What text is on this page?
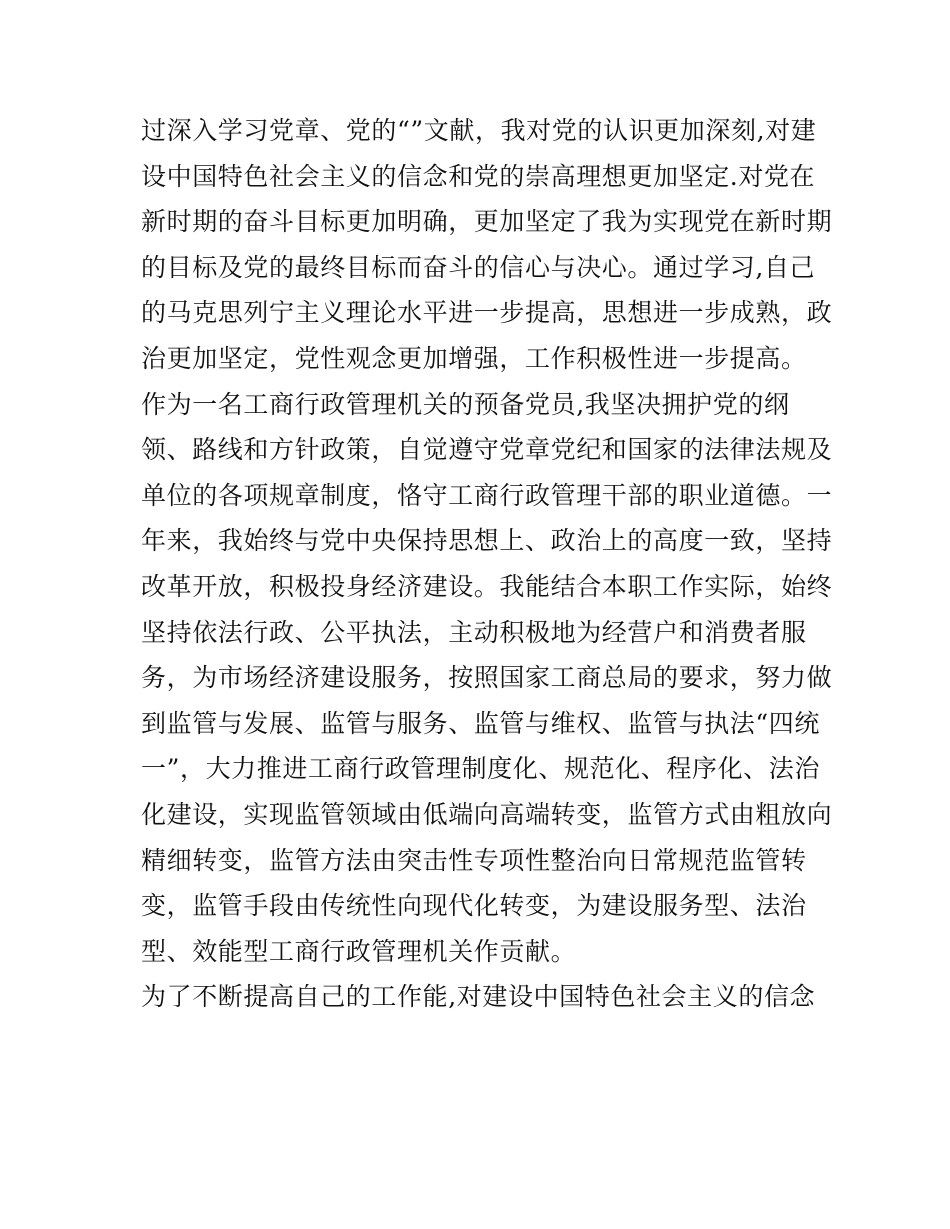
过深入学习党章、党的“”文献，我对党的认识更加深刻,对建
设中国特色社会主义的信念和党的崇高理想更加坚定.对党在
新时期的奋斗目标更加明确，更加坚定了我为实现党在新时期
的目标及党的最终目标而奋斗的信心与决心。通过学习,自己
的马克思列宁主义理论水平进一步提高，思想进一步成熟，政
治更加坚定，党性观念更加增强，工作积极性进一步提高。
作为一名工商行政管理机关的预备党员,我坚决拥护党的纲
领、路线和方针政策，自觉遵守党章党纪和国家的法律法规及
单位的各项规章制度，恪守工商行政管理干部的职业道德。一
年来，我始终与党中央保持思想上、政治上的高度一致，坚持
改革开放，积极投身经济建设。我能结合本职工作实际，始终
坚持依法行政、公平执法，主动积极地为经营户和消费者服
务，为市场经济建设服务，按照国家工商总局的要求，努力做
到监管与发展、监管与服务、监管与维权、监管与执法“四统
一”，大力推进工商行政管理制度化、规范化、程序化、法治
化建设，实现监管领域由低端向高端转变，监管方式由粗放向
精细转变，监管方法由突击性专项性整治向日常规范监管转
变，监管手段由传统性向现代化转变，为建设服务型、法治
型、效能型工商行政管理机关作贡献。
为了不断提高自己的工作能,对建设中国特色社会主义的信念
